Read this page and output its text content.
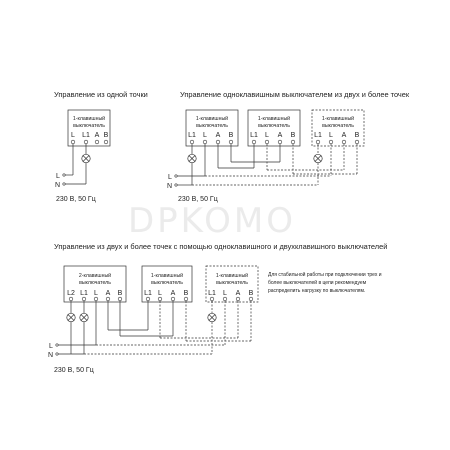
DPKOMO
Управление из одной точки
1-клавишный
выключатель
L L1 A B
L
N
230 В, 50 Гц
Управление одноклавишным выключателем из двух и более точек
1-клавишный
выключатель
L1 L A B
1-клавишный
выключатель
L1 L A B
1-клавишный
выключатель
L1 L A B
L
N
230 В, 50 Гц
Управление из двух и более точек с помощью одноклавишного и двухклавишного выключателей
2-клавишный
выключатель
L2 L1 L A B
1-клавишный
выключатель
L1 L A B
1-клавишный
выключатель
L1 L A B
L
N
230 В, 50 Гц
Для стабильной работы при подключении трех и
более выключателей в цепи рекомендуем
распределить нагрузку по выключателям.
